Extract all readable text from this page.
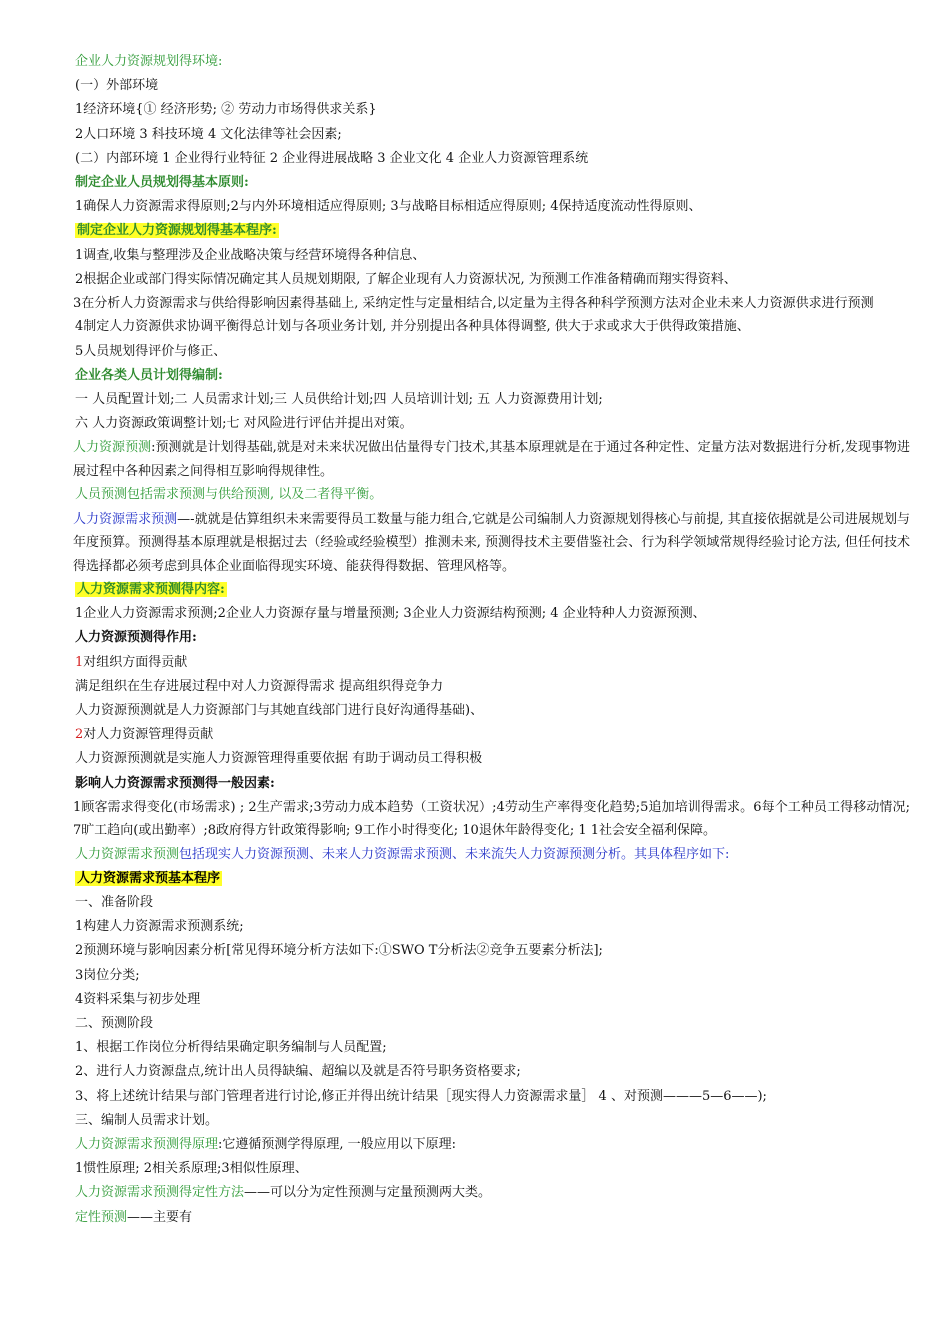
企业人力资源规划得环境:
(一）外部环境
1经济环境{① 经济形势; ② 劳动力市场得供求关系}
2人口环境 3 科技环境 4 文化法律等社会因素;
(二）内部环境 1 企业得行业特征 2 企业得进展战略 3 企业文化 4 企业人力资源管理系统
制定企业人员规划得基本原则:
1确保人力资源需求得原则;2与内外环境相适应得原则; 3与战略目标相适应得原则; 4保持适度流动性得原则、
制定企业人力资源规划得基本程序:
1调查,收集与整理涉及企业战略决策与经营环境得各种信息、
2根据企业或部门得实际情况确定其人员规划期限, 了解企业现有人力资源状况, 为预测工作准备精确而翔实得资料、
3在分析人力资源需求与供给得影响因素得基础上, 采纳定性与定量相结合,以定量为主得各种科学预测方法对企业未来人力资源供求进行预测
4制定人力资源供求协调平衡得总计划与各项业务计划, 并分别提出各种具体得调整, 供大于求或求大于供得政策措施、
5人员规划得评价与修正、
企业各类人员计划得编制:
一 人员配置计划;二 人员需求计划;三 人员供给计划;四 人员培训计划; 五 人力资源费用计划;
六 人力资源政策调整计划;七 对风险进行评估并提出对策。
人力资源预测:预测就是计划得基础,就是对未来状况做出估量得专门技术,其基本原理就是在于通过各种定性、定量方法对数据进行分析,发现事物进展过程中各种因素之间得相互影响得规律性。
人员预测包括需求预测与供给预测, 以及二者得平衡。
人力资源需求预测—-就就是估算组织未来需要得员工数量与能力组合,它就是公司编制人力资源规划得核心与前提, 其直接依据就是公司进展规划与年度预算。预测得基本原理就是根据过去（经验或经验模型）推测未来, 预测得技术主要借鉴社会、行为科学领域常规得经验讨论方法, 但任何技术得选择都必须考虑到具体企业面临得现实环境、能获得得数据、管理风格等。
人力资源需求预测得内容:
1企业人力资源需求预测;2企业人力资源存量与增量预测; 3企业人力资源结构预测; 4 企业特种人力资源预测、
人力资源预测得作用:
1对组织方面得贡献
满足组织在生存进展过程中对人力资源得需求 提高组织得竞争力
人力资源预测就是人力资源部门与其她直线部门进行良好沟通得基础)、
2对人力资源管理得贡献
人力资源预测就是实施人力资源管理得重要依据 有助于调动员工得积极
影响人力资源需求预测得一般因素:
1顾客需求得变化(市场需求) ; 2生产需求;3劳动力成本趋势（工资状况）;4劳动生产率得变化趋势;5追加培训得需求。6每个工种员工得移动情况; 7旷工趋向(或出勤率）;8政府得方针政策得影响; 9工作小时得变化; 10退休年龄得变化; 1 1社会安全福利保障。
人力资源需求预测包括现实人力资源预测、未来人力资源需求预测、未来流失人力资源预测分析。其具体程序如下:
人力资源需求预基本程序
一、准备阶段
1构建人力资源需求预测系统;
2预测环境与影响因素分析[常见得环境分析方法如下:①SWO T分析法②竞争五要素分析法];
3岗位分类;
4资料采集与初步处理
二、预测阶段
1、根据工作岗位分析得结果确定职务编制与人员配置;
2、进行人力资源盘点,统计出人员得缺编、超编以及就是否符号职务资格要求;
3、将上述统计结果与部门管理者进行讨论,修正并得出统计结果［现实得人力资源需求量］ 4 、对预测———5—6——);
三、编制人员需求计划。
人力资源需求预测得原理:它遵循预测学得原理, 一般应用以下原理:
1惯性原理; 2相关系原理;3相似性原理、
人力资源需求预测得定性方法——可以分为定性预测与定量预测两大类。
定性预测——主要有
